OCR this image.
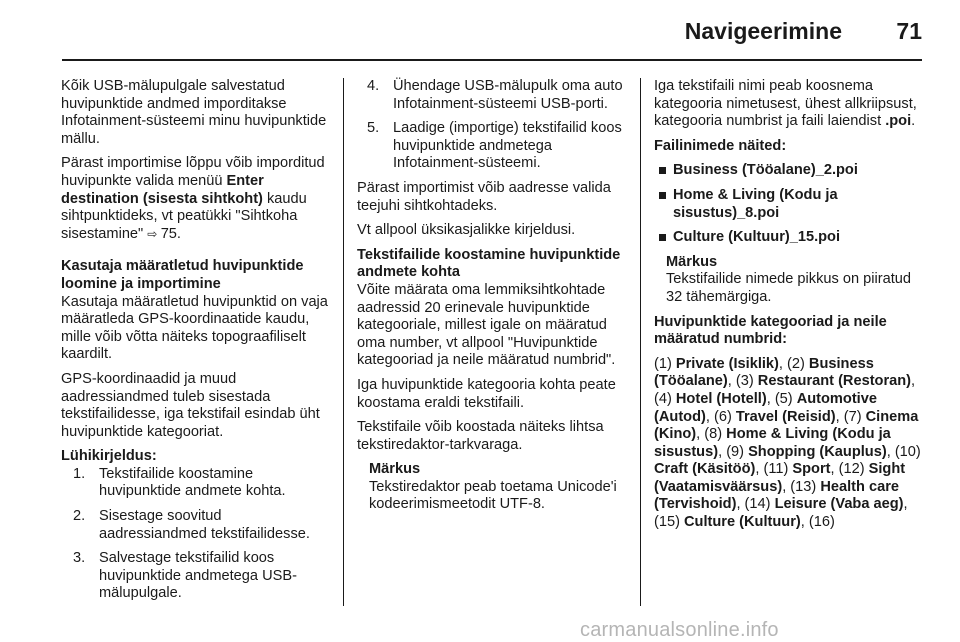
Navigeerimine 71

Kõik USB-mälupulgale salvestatud huvipunktide andmed imporditakse Infotainment-süsteemi minu huvipunktide mällu.

Pärast importimise lõppu võib imporditud huvipunkte valida menüü Enter destination (sisesta sihtkoht) kaudu sihtpunktideks, vt peatükki "Sihtkoha sisestamine" ⇨ 75.

Kasutaja määratletud huvipunktide loomine ja importimine

Kasutaja määratletud huvipunktid on vaja määratleda GPS-koordinaatide kaudu, mille võib võtta näiteks topograafiliselt kaardilt.

GPS-koordinaadid ja muud aadressiandmed tuleb sisestada tekstifailidesse, iga tekstifail esindab üht huvipunktide kategooriat.

Lühikirjeldus:

1. Tekstifailide koostamine huvipunktide andmete kohta.
2. Sisestage soovitud aadressiandmed tekstifailidesse.
3. Salvestage tekstifailid koos huvipunktide andmetega USB-mälupulgale.
4. Ühendage USB-mälupulk oma auto Infotainment-süsteemi USB-porti.
5. Laadige (importige) tekstifailid koos huvipunktide andmetega Infotainment-süsteemi.

Pärast importimist võib aadresse valida teejuhi sihtkohtadeks.

Vt allpool üksikasjalikke kirjeldusi.

Tekstifailide koostamine huvipunktide andmete kohta

Võite määrata oma lemmiksihtkohtade aadressid 20 erinevale huvipunktide kategooriale, millest igale on määratud oma number, vt allpool "Huvipunktide kategooriad ja neile määratud numbrid".

Iga huvipunktide kategooria kohta peate koostama eraldi tekstifaili.

Tekstifaile võib koostada näiteks lihtsa tekstiredaktor-tarkvaraga.

Märkus
Tekstiredaktor peab toetama Unicode'i kodeerimismeetodit UTF-8.

Iga tekstifaili nimi peab koosnema kategooria nimetusest, ühest allkriipsust, kategooria numbrist ja faili laiendist .poi.

Failinimede näited:

Business (Tööalane)_2.poi
Home & Living (Kodu ja sisustus)_8.poi
Culture (Kultuur)_15.poi
Märkus
Tekstifailide nimede pikkus on piiratud 32 tähemärgiga.

Huvipunktide kategooriad ja neile määratud numbrid:

(1) Private (Isiklik), (2) Business (Tööalane), (3) Restaurant (Restoran), (4) Hotel (Hotell), (5) Automotive (Autod), (6) Travel (Reisid), (7) Cinema (Kino), (8) Home & Living (Kodu ja sisustus), (9) Shopping (Kauplus), (10) Craft (Käsitöö), (11) Sport, (12) Sight (Vaatamisväärsus), (13) Health care (Tervishoid), (14) Leisure (Vaba aeg), (15) Culture (Kultuur), (16)

carmanualsonline.info
